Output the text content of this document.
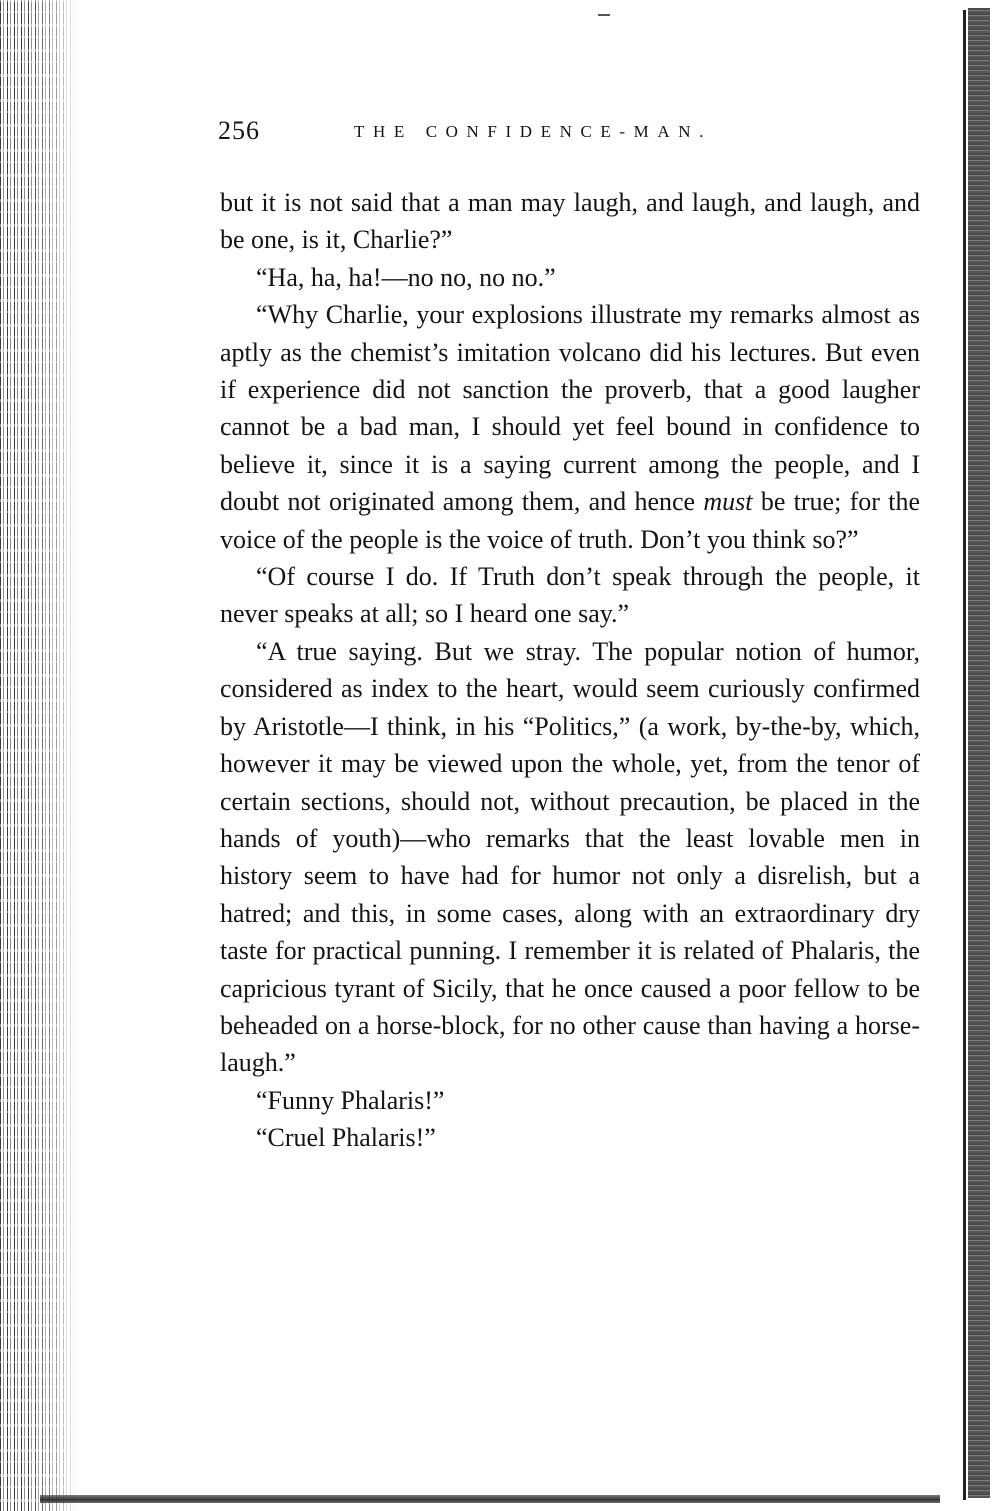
256	THE CONFIDENCE-MAN.

but it is not said that a man may laugh, and laugh, and laugh, and be one, is it, Charlie?”

“Ha, ha, ha!—no no, no no.”

“Why Charlie, your explosions illustrate my remarks almost as aptly as the chemist’s imitation volcano did his lectures. But even if experience did not sanction the proverb, that a good laugher cannot be a bad man, I should yet feel bound in confidence to believe it, since it is a saying current among the people, and I doubt not originated among them, and hence must be true; for the voice of the people is the voice of truth. Don’t you think so?”

“Of course I do. If Truth don’t speak through the people, it never speaks at all; so I heard one say.”

“A true saying. But we stray. The popular notion of humor, considered as index to the heart, would seem curiously confirmed by Aristotle—I think, in his “Politics,” (a work, by-the-by, which, however it may be viewed upon the whole, yet, from the tenor of certain sections, should not, without precaution, be placed in the hands of youth)—who remarks that the least lovable men in history seem to have had for humor not only a disrelish, but a hatred; and this, in some cases, along with an extraordinary dry taste for practical punning. I remember it is related of Phalaris, the capricious tyrant of Sicily, that he once caused a poor fellow to be beheaded on a horse-block, for no other cause than having a horse-laugh.”

“Funny Phalaris!”

“Cruel Phalaris!”
